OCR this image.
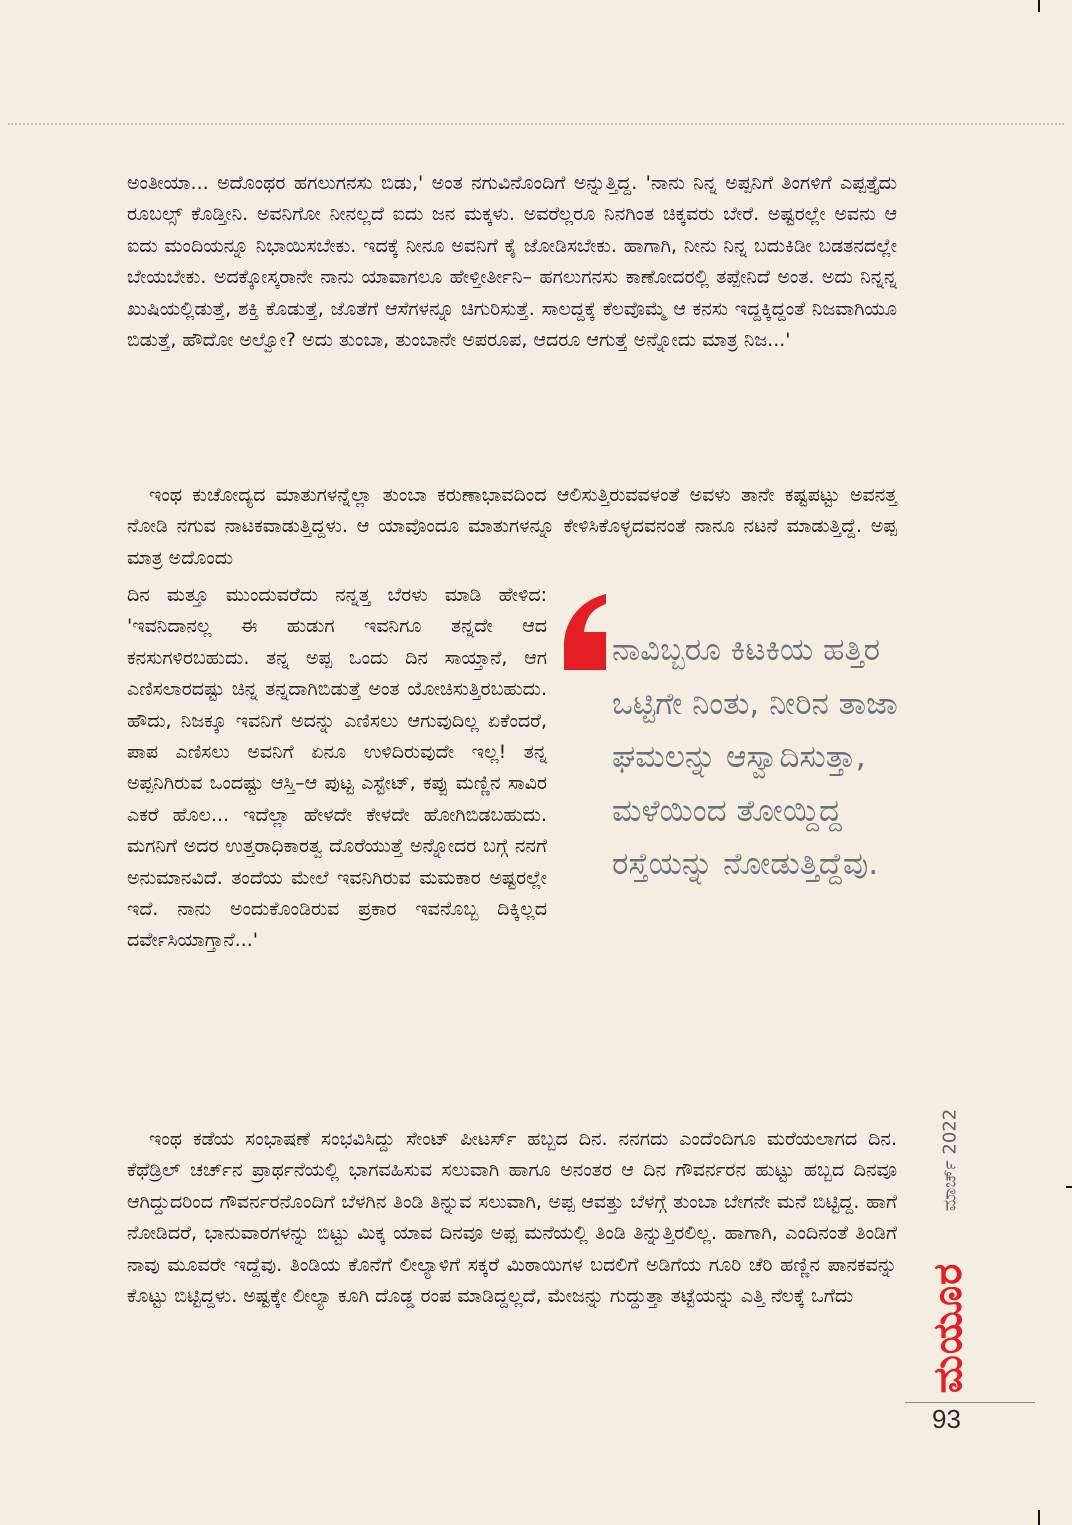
ಅಂತೀಯಾ... ಅದೊಂಥರ ಹಗಲುಗನಸು ಬಿಡು,' ಅಂತ ನಗುವಿನೊಂದಿಗೆ ಅನ್ನುತ್ತಿದ್ದ. 'ನಾನು ನಿನ್ನ ಅಪ್ಪನಿಗೆ ತಿಂಗಳಿಗೆ ಎಪ್ಪತ್ತೈದು ರೂಬಲ್ಸ್ ಕೊಡ್ತೀನಿ. ಅವನಿಗೋ ನೀನಲ್ಲದೆ ಐದು ಜನ ಮಕ್ಕಳು. ಅವರೆಲ್ಲರೂ ನಿನಗಿಂತ ಚಿಕ್ಕವರು ಬೇರೆ. ಅಷ್ಟರಲ್ಲೇ ಅವನು ಆ ಐದು ಮಂದಿಯನ್ನೂ ನಿಭಾಯಿಸಬೇಕು. ಇದಕ್ಕೆ ನೀನೂ ಅವನಿಗೆ ಕೈ ಜೋಡಿಸಬೇಕು. ಹಾಗಾಗಿ, ನೀನು ನಿನ್ನ ಬದುಕಿಡೀ ಬಡತನದಲ್ಲೇ ಬೇಯಬೇಕು. ಅದಕ್ಕೋಸ್ಕರಾನೇ ನಾನು ಯಾವಾಗಲೂ ಹೇಳ್ತೀರ್ತೀನಿ– ಹಗಲುಗನಸು ಕಾಣೋದರಲ್ಲಿ ತಪ್ಪೇನಿದೆ ಅಂತ. ಅದು ನಿನ್ನನ್ನ ಖುಷಿಯಲ್ಲಿಡುತ್ತೆ, ಶಕ್ತಿ ಕೊಡುತ್ತೆ, ಜೊತೆಗೆ ಆಸೆಗಳನ್ನೂ ಚಿಗುರಿಸುತ್ತೆ. ಸಾಲದ್ದಕ್ಕೆ ಕೆಲವೊಮ್ಮೆ ಆ ಕನಸು ಇದ್ದಕ್ಕಿದ್ದಂತೆ ನಿಜವಾಗಿಯೂ ಬಿಡುತ್ತೆ, ಹೌದೋ ಅಲ್ವೋ? ಅದು ತುಂಬಾ, ತುಂಬಾನೇ ಅಪರೂಪ, ಆದರೂ ಆಗುತ್ತೆ ಅನ್ನೋದು ಮಾತ್ರ ನಿಜ...'

ಇಂಥ ಕುಚೋದ್ಯದ ಮಾತುಗಳನ್ನೆಲ್ಲಾ ತುಂಬಾ ಕರುಣಾಭಾವದಿಂದ ಆಲಿಸುತ್ತಿರುವವಳಂತೆ ಅವಳು ತಾನೇ ಕಷ್ಟಪಟ್ಟು ಅವನತ್ತ ನೋಡಿ ನಗುವ ನಾಟಕವಾಡುತ್ತಿದ್ದಳು. ಆ ಯಾವೊಂದೂ ಮಾತುಗಳನ್ನೂ ಕೇಳಿಸಿಕೊಳ್ಳದವನಂತೆ ನಾನೂ ನಟನೆ ಮಾಡುತ್ತಿದ್ದೆ. ಅಪ್ಪ ಮಾತ್ರ ಅದೊಂದು

ದಿನ ಮತ್ತೂ ಮುಂದುವರೆದು ನನ್ನತ್ತ ಬೆರಳು ಮಾಡಿ ಹೇಳಿದ: 'ಇವನಿದಾನಲ್ಲ ಈ ಹುಡುಗ ಇವನಿಗೂ ತನ್ನದೇ ಆದ ಕನಸುಗಳಿರಬಹುದು. ತನ್ನ ಅಪ್ಪ ಒಂದು ದಿನ ಸಾಯ್ತಾನೆ, ಆಗ ಎಣಿಸಲಾರದಷ್ಟು ಚಿನ್ನ ತನ್ನದಾಗಿಬಿಡುತ್ತೆ ಅಂತ ಯೋಚಿಸುತ್ತಿರಬಹುದು. ಹೌದು, ನಿಜಕ್ಕೂ ಇವನಿಗೆ ಅದನ್ನು ಎಣಿಸಲು ಆಗುವುದಿಲ್ಲ ಏಕೆಂದರೆ, ಪಾಪ ಎಣಿಸಲು ಅವನಿಗೆ ಏನೂ ಉಳಿದಿರುವುದೇ ಇಲ್ಲ! ತನ್ನ ಅಪ್ಪನಿಗಿರುವ ಒಂದಷ್ಟು ಆಸ್ತಿ–ಆ ಪುಟ್ಟ ಎಸ್ಟೇಟ್, ಕಪ್ಪು ಮಣ್ಣಿನ ಸಾವಿರ ಎಕರೆ ಹೊಲ... ಇದೆಲ್ಲಾ ಹೇಳದೇ ಕೇಳದೇ ಹೋಗಿಬಿಡಬಹುದು. ಮಗನಿಗೆ ಅದರ ಉತ್ತರಾಧಿಕಾರತ್ವ ದೊರೆಯುತ್ತೆ ಅನ್ನೋದರ ಬಗ್ಗೆ ನನಗೆ ಅನುಮಾನವಿದೆ. ತಂದೆಯ ಮೇಲೆ ಇವನಿಗಿರುವ ಮಮಕಾರ ಅಷ್ಟರಲ್ಲೇ ಇದೆ. ನಾನು ಅಂದುಕೊಂಡಿರುವ ಪ್ರಕಾರ ಇವನೊಬ್ಬ ದಿಕ್ಕಿಲ್ಲದ ದರ್ವೇಸಿಯಾಗ್ತಾನೆ...'

ನಾವಿಬ್ಬರೂ ಕಿಟಕಿಯ ಹತ್ತಿರ ಒಟ್ಟಿಗೇ ನಿಂತು, ನೀರಿನ ತಾಜಾ ಘಮಲನ್ನು ಆಸ್ವಾದಿಸುತ್ತಾ, ಮಳೆಯಿಂದ ತೋಯ್ದಿದ್ದ ರಸ್ತೆಯನ್ನು ನೋಡುತ್ತಿದ್ದೆವು.

ಇಂಥ ಕಡೆಯ ಸಂಭಾಷಣೆ ಸಂಭವಿಸಿದ್ದು ಸೇಂಟ್ ಪೀಟರ್ಸ್ ಹಬ್ಬದ ದಿನ. ನನಗದು ಎಂದೆಂದಿಗೂ ಮರೆಯಲಾಗದ ದಿನ. ಕೆಥೆಡ್ರಿಲ್ ಚರ್ಚ್‌ನ ಪ್ರಾರ್ಥನೆಯಲ್ಲಿ ಭಾಗವಹಿಸುವ ಸಲುವಾಗಿ ಹಾಗೂ ಅನಂತರ ಆ ದಿನ ಗೌವರ್ನರನ ಹುಟ್ಟು ಹಬ್ಬದ ದಿನವೂ ಆಗಿದ್ದುದರಿಂದ ಗೌವರ್ನರನೊಂದಿಗೆ ಬೆಳಗಿನ ತಿಂಡಿ ತಿನ್ನುವ ಸಲುವಾಗಿ, ಅಪ್ಪ ಆವತ್ತು ಬೆಳಗ್ಗೆ ತುಂಬಾ ಬೇಗನೇ ಮನೆ ಬಿಟ್ಟಿದ್ದ. ಹಾಗೆ ನೋಡಿದರೆ, ಭಾನುವಾರಗಳನ್ನು ಬಿಟ್ಟು ಮಿಕ್ಕ ಯಾವ ದಿನವೂ ಅಪ್ಪ ಮನೆಯಲ್ಲಿ ತಿಂಡಿ ತಿನ್ನುತ್ತಿರಲಿಲ್ಲ. ಹಾಗಾಗಿ, ಎಂದಿನಂತೆ ತಿಂಡಿಗೆ ನಾವು ಮೂವರೇ ಇದ್ದೆವು. ತಿಂಡಿಯ ಕೊನೆಗೆ ಲೀಲ್ಯಾಳಿಗೆ ಸಕ್ಕರೆ ಮಿಠಾಯಿಗಳ ಬದಲಿಗೆ ಅಡಿಗೆಯ ಗೂರಿ ಚೆರಿ ಹಣ್ಣಿನ ಪಾನಕವನ್ನು ಕೊಟ್ಟು ಬಿಟ್ಟಿದ್ದಳು. ಅಷ್ಟಕ್ಕೇ ಲೀಲ್ಯಾ ಕೂಗಿ ದೊಡ್ಡ ರಂಪ ಮಾಡಿದ್ದಲ್ಲದೆ, ಮೇಜನ್ನು ಗುದ್ದುತ್ತಾ ತಟ್ಟೆಯನ್ನು ಎತ್ತಿ ನೆಲಕ್ಕೆ ಒಗೆದು

ಮಾರ್ಚ್ 2022
ಮಯೂರ
93
